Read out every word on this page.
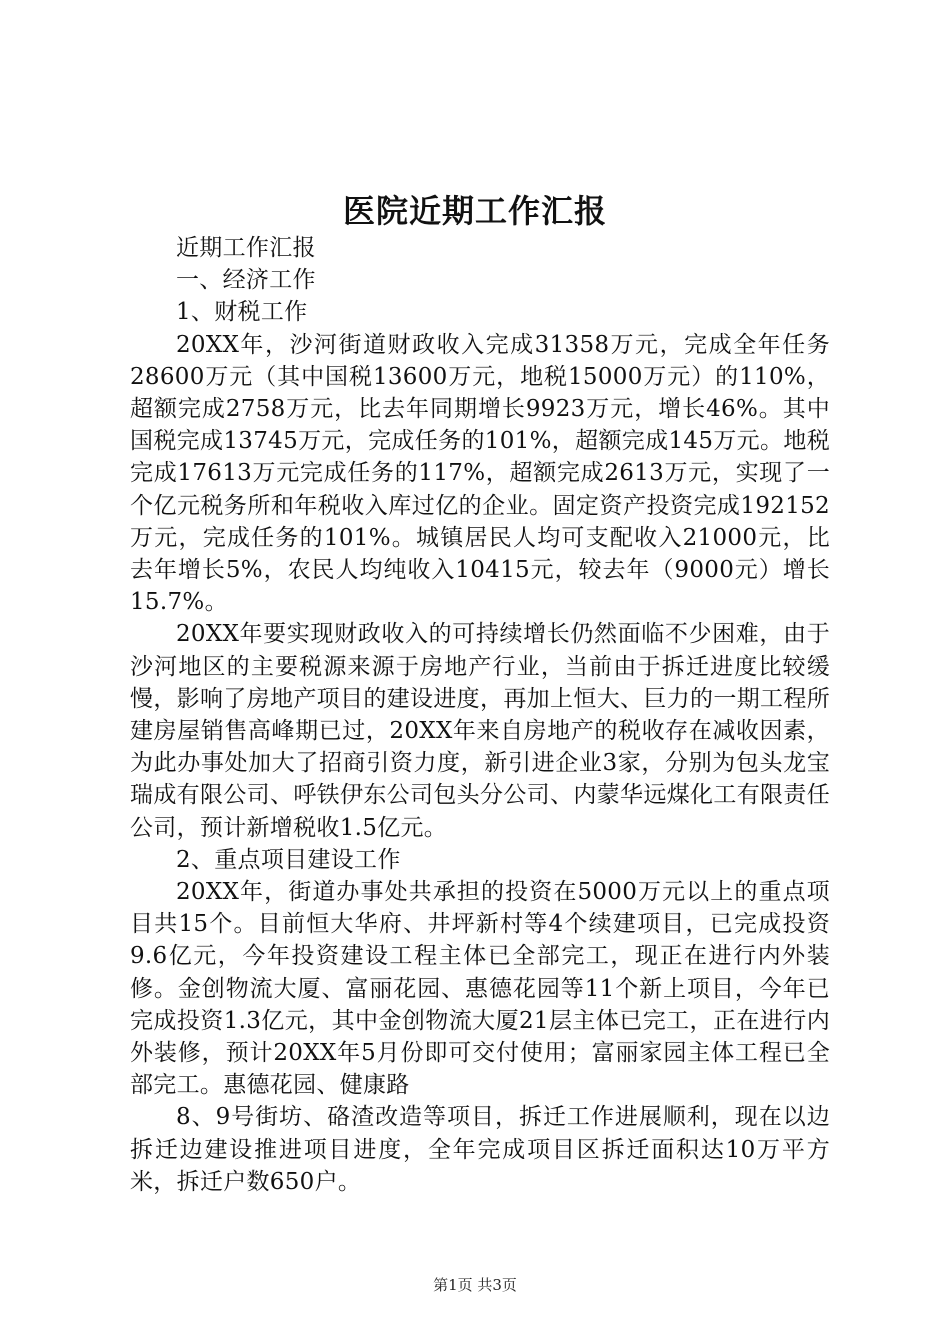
医院近期工作汇报

近期工作汇报

一、经济工作

1、财税工作

20XX年，沙河街道财政收入完成31358万元，完成全年任务28600万元（其中国税13600万元，地税15000万元）的110%，超额完成2758万元，比去年同期增长9923万元，增长46%。其中国税完成13745万元，完成任务的101%，超额完成145万元。地税完成17613万元完成任务的117%，超额完成2613万元，实现了一个亿元税务所和年税收入库过亿的企业。固定资产投资完成192152万元，完成任务的101%。城镇居民人均可支配收入21000元，比去年增长5%，农民人均纯收入10415元，较去年（9000元）增长15.7%。

20XX年要实现财政收入的可持续增长仍然面临不少困难，由于沙河地区的主要税源来源于房地产行业，当前由于拆迁进度比较缓慢，影响了房地产项目的建设进度，再加上恒大、巨力的一期工程所建房屋销售高峰期已过，20XX年来自房地产的税收存在减收因素，为此办事处加大了招商引资力度，新引进企业3家，分别为包头龙宝瑞成有限公司、呼铁伊东公司包头分公司、内蒙华远煤化工有限责任公司，预计新增税收1.5亿元。

2、重点项目建设工作

20XX年，街道办事处共承担的投资在5000万元以上的重点项目共15个。目前恒大华府、井坪新村等4个续建项目，已完成投资9.6亿元，今年投资建设工程主体已全部完工，现正在进行内外装修。金创物流大厦、富丽花园、惠德花园等11个新上项目，今年已完成投资1.3亿元，其中金创物流大厦21层主体已完工，正在进行内外装修，预计20XX年5月份即可交付使用；富丽家园主体工程已全部完工。惠德花园、健康路

8、9号街坊、硌渣改造等项目，拆迁工作进展顺利，现在以边拆迁边建设推进项目进度，全年完成项目区拆迁面积达10万平方米，拆迁户数650户。

第1页 共3页
